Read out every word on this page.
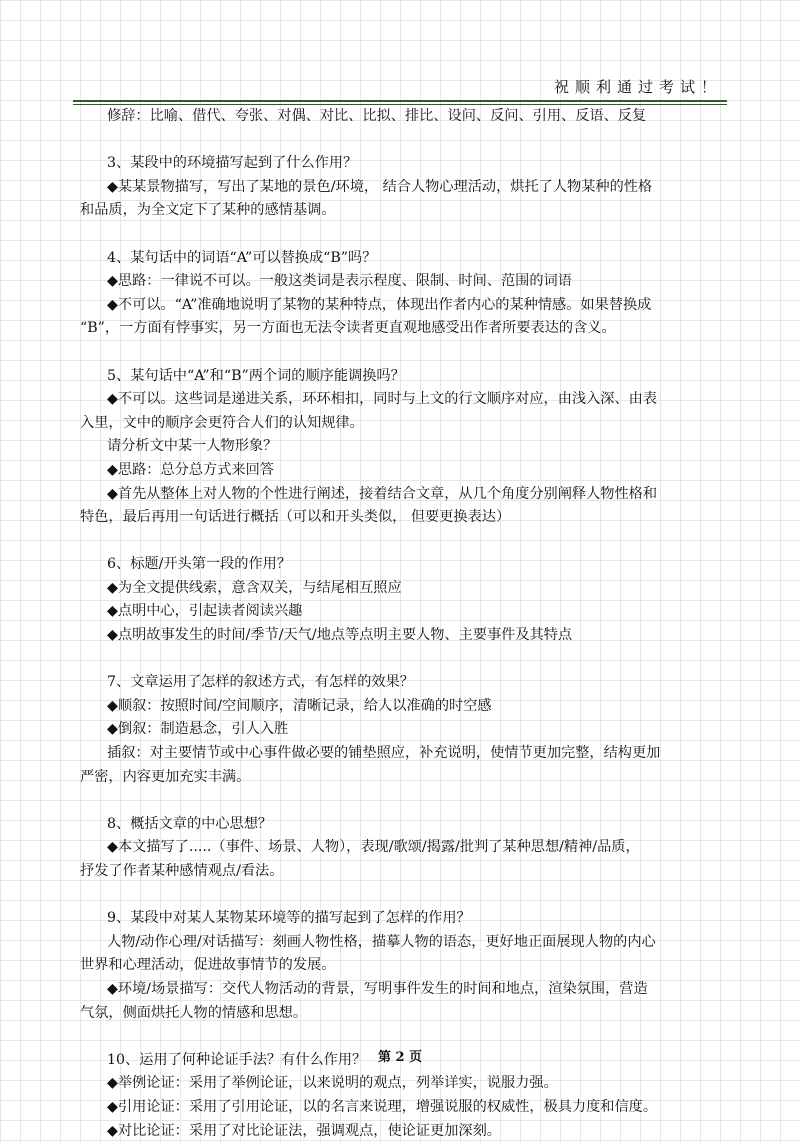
祝顺利通过考试！
修辞：比喻、借代、夸张、对偶、对比、比拟、排比、设问、反问、引用、反语、反复
3、某段中的环境描写起到了什么作用？
◆某某景物描写，写出了某地的景色/环境， 结合人物心理活动，烘托了人物某种的性格
和品质，为全文定下了某种的感情基调。
4、某句话中的词语“A”可以替换成“B”吗？
◆思路：一律说不可以。一般这类词是表示程度、限制、时间、范围的词语
◆不可以。“A”准确地说明了某物的某种特点，体现出作者内心的某种情感。如果替换成
“B”，一方面有悖事实，另一方面也无法令读者更直观地感受出作者所要表达的含义。
5、某句话中“A”和“B”两个词的顺序能调换吗？
◆不可以。这些词是递进关系，环环相扣，同时与上文的行文顺序对应，由浅入深、由表
入里，文中的顺序会更符合人们的认知规律。
请分析文中某一人物形象？
◆思路：总分总方式来回答
◆首先从整体上对人物的个性进行阐述，接着结合文章，从几个角度分别阐释人物性格和
特色，最后再用一句话进行概括（可以和开头类似， 但要更换表达）
6、标题/开头第一段的作用？
◆为全文提供线索，意含双关，与结尾相互照应
◆点明中心，引起读者阅读兴趣
◆点明故事发生的时间/季节/天气/地点等点明主要人物、主要事件及其特点
7、文章运用了怎样的叙述方式，有怎样的效果？
◆顺叙：按照时间/空间顺序，清晰记录，给人以准确的时空感
◆倒叙：制造悬念，引人入胜
插叙：对主要情节或中心事件做必要的铺垫照应，补充说明，使情节更加完整，结构更加
严密，内容更加充实丰满。
8、概括文章的中心思想？
◆本文描写了.....（事件、场景、人物），表现/歌颂/揭露/批判了某种思想/精神/品质，
抒发了作者某种感情观点/看法。
9、某段中对某人某物某环境等的描写起到了怎样的作用？
人物/动作心理/对话描写：刻画人物性格，描摹人物的语态，更好地正面展现人物的内心
世界和心理活动，促进故事情节的发展。
◆环境/场景描写：交代人物活动的背景，写明事件发生的时间和地点，渲染氛围，营造
气氛，侧面烘托人物的情感和思想。
10、运用了何种论证手法？有什么作用？
◆举例论证：采用了举例论证，以来说明的观点，列举详实，说服力强。
◆引用论证：采用了引用论证，以的名言来说理，增强说服的权威性，极具力度和信度。
◆对比论证：采用了对比论证法，强调观点，使论证更加深刻。
第 2 页
